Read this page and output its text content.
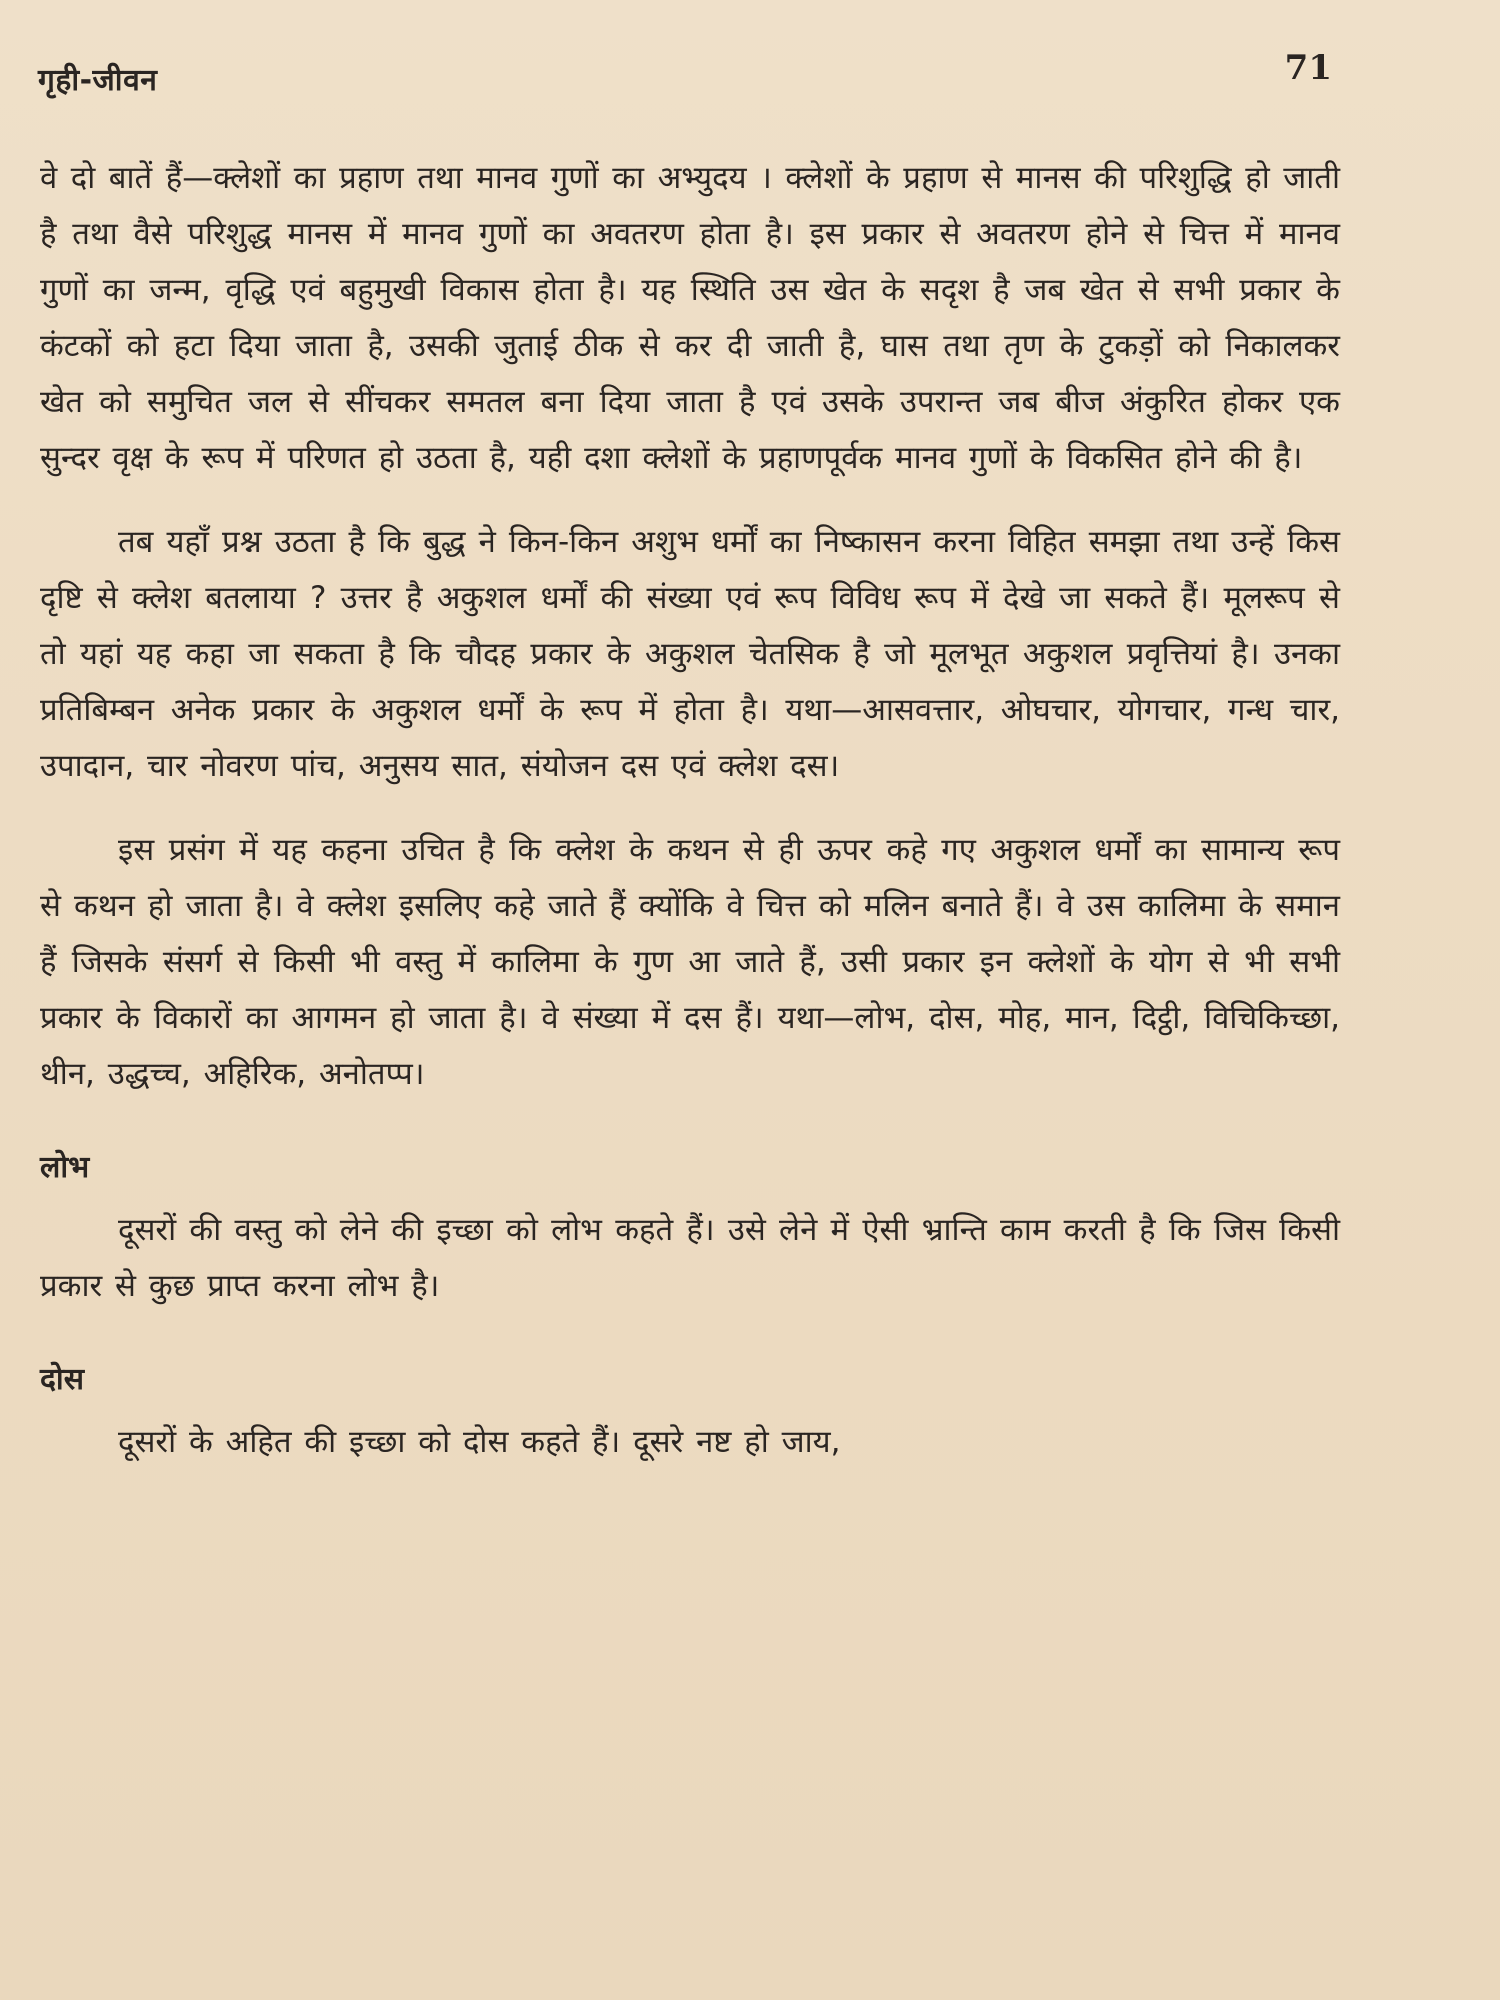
गृही-जीवन	71

वे दो बातें हैं—क्लेशों का प्रहाण तथा मानव गुणों का अभ्युदय । क्लेशों के प्रहाण से मानस की परिशुद्धि हो जाती है तथा वैसे परिशुद्ध मानस में मानव गुणों का अवतरण होता है। इस प्रकार से अवतरण होने से चित्त में मानव गुणों का जन्म, वृद्धि एवं बहुमुखी विकास होता है। यह स्थिति उस खेत के सदृश है जब खेत से सभी प्रकार के कंटकों को हटा दिया जाता है, उसकी जुताई ठीक से कर दी जाती है, घास तथा तृण के टुकड़ों को निकालकर खेत को समुचित जल से सींचकर समतल बना दिया जाता है एवं उसके उपरान्त जब बीज अंकुरित होकर एक सुन्दर वृक्ष के रूप में परिणत हो उठता है, यही दशा क्लेशों के प्रहाणपूर्वक मानव गुणों के विकसित होने की है।

तब यहाँ प्रश्न उठता है कि बुद्ध ने किन-किन अशुभ धर्मों का निष्कासन करना विहित समझा तथा उन्हें किस दृष्टि से क्लेश बतलाया ? उत्तर है अकुशल धर्मों की संख्या एवं रूप विविध रूप में देखे जा सकते हैं। मूलरूप से तो यहां यह कहा जा सकता है कि चौदह प्रकार के अकुशल चेतसिक है जो मूलभूत अकुशल प्रवृत्तियां है। उनका प्रतिबिम्बन अनेक प्रकार के अकुशल धर्मों के रूप में होता है। यथा—आसवत्तार, ओघचार, योगचार, गन्ध चार, उपादान, चार नोवरण पांच, अनुसय सात, संयोजन दस एवं क्लेश दस।

इस प्रसंग में यह कहना उचित है कि क्लेश के कथन से ही ऊपर कहे गए अकुशल धर्मों का सामान्य रूप से कथन हो जाता है। वे क्लेश इसलिए कहे जाते हैं क्योंकि वे चित्त को मलिन बनाते हैं। वे उस कालिमा के समान हैं जिसके संसर्ग से किसी भी वस्तु में कालिमा के गुण आ जाते हैं, उसी प्रकार इन क्लेशों के योग से भी सभी प्रकार के विकारों का आगमन हो जाता है। वे संख्या में दस हैं। यथा—लोभ, दोस, मोह, मान, दिट्ठी, विचिकिच्छा, थीन, उद्धच्च, अहिरिक, अनोतप्प।

लोभ

दूसरों की वस्तु को लेने की इच्छा को लोभ कहते हैं। उसे लेने में ऐसी भ्रान्ति काम करती है कि जिस किसी प्रकार से कुछ प्राप्त करना लोभ है।

दोस

दूसरों के अहित की इच्छा को दोस कहते हैं। दूसरे नष्ट हो जाय,
